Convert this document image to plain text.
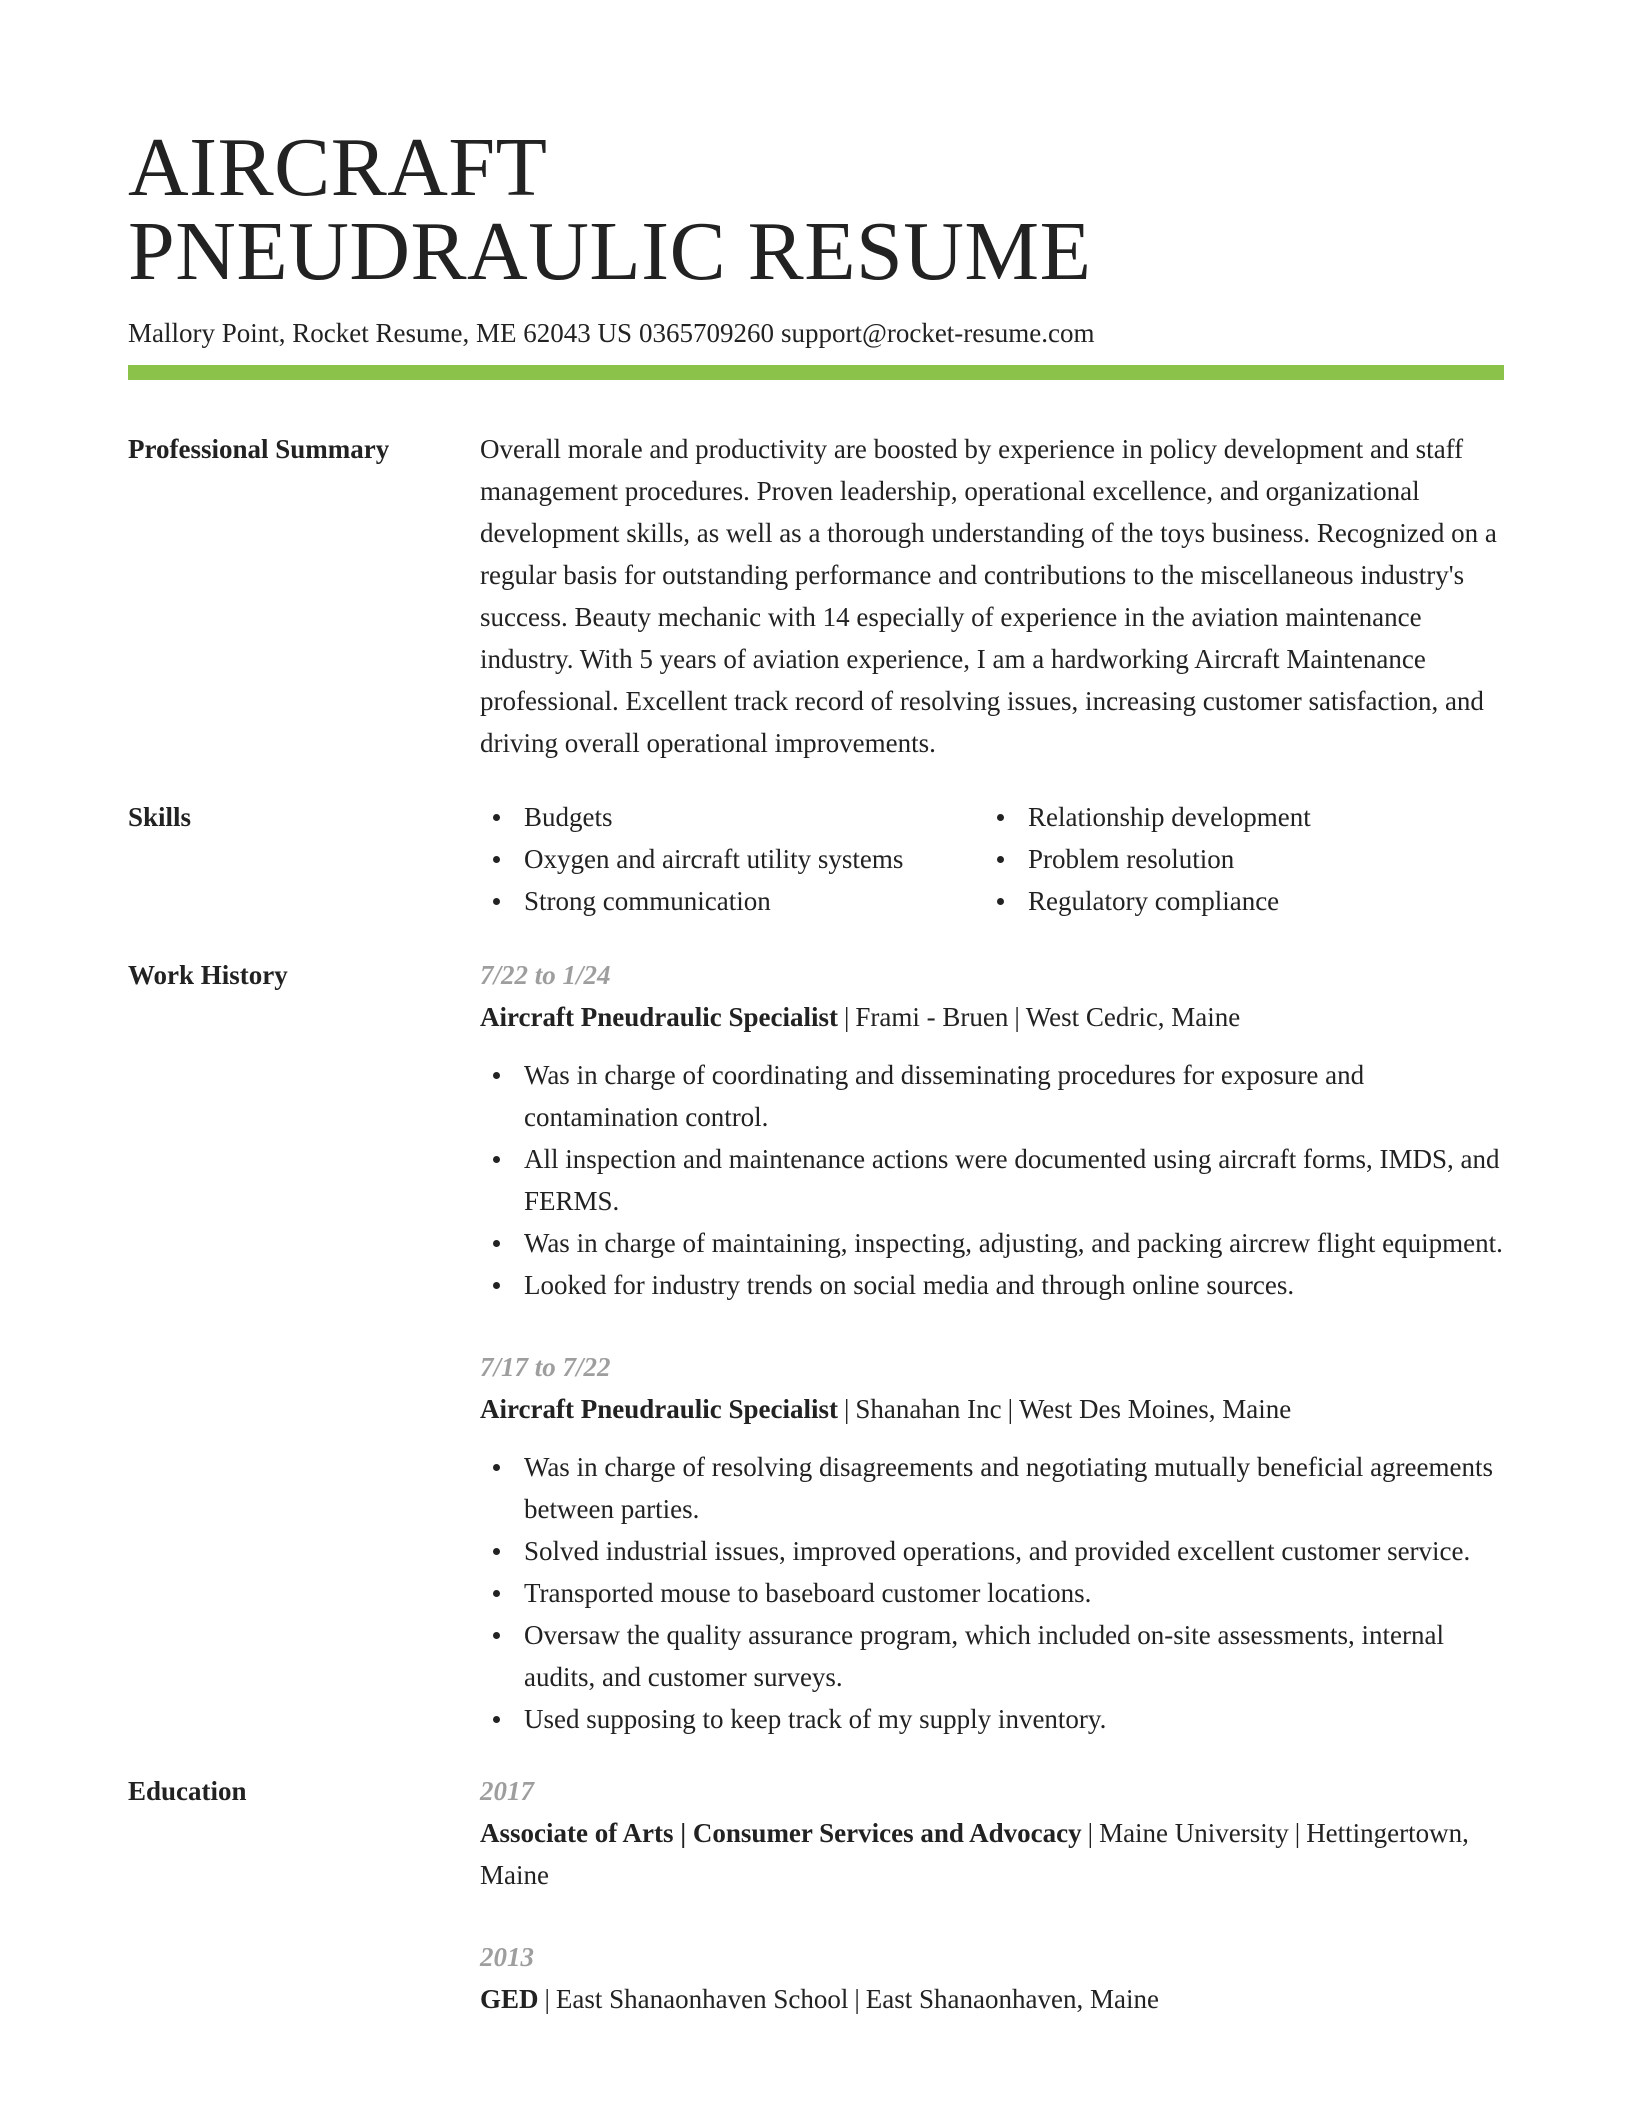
AIRCRAFT
PNEUDRAULIC RESUME
Mallory Point, Rocket Resume, ME 62043 US 0365709260 support@rocket-resume.com
Professional Summary	Overall morale and productivity are boosted by experience in policy development and staff management procedures. Proven leadership, operational excellence, and organizational development skills, as well as a thorough understanding of the toys business. Recognized on a regular basis for outstanding performance and contributions to the miscellaneous industry's success. Beauty mechanic with 14 especially of experience in the aviation maintenance industry. With 5 years of aviation experience, I am a hardworking Aircraft Maintenance professional. Excellent track record of resolving issues, increasing customer satisfaction, and driving overall operational improvements.

Skills	Budgets	Relationship development
Oxygen and aircraft utility systems	Problem resolution
Strong communication	Regulatory compliance
Work History	7/22 to 1/24
Aircraft Pneudraulic Specialist | Frami - Bruen | West Cedric, Maine
Was in charge of coordinating and disseminating procedures for exposure and contamination control.
All inspection and maintenance actions were documented using aircraft forms, IMDS, and FERMS.
Was in charge of maintaining, inspecting, adjusting, and packing aircrew flight equipment.
Looked for industry trends on social media and through online sources.
7/17 to 7/22
Aircraft Pneudraulic Specialist | Shanahan Inc | West Des Moines, Maine
Was in charge of resolving disagreements and negotiating mutually beneficial agreements between parties.
Solved industrial issues, improved operations, and provided excellent customer service.
Transported mouse to baseboard customer locations.
Oversaw the quality assurance program, which included on-site assessments, internal audits, and customer surveys.
Used supposing to keep track of my supply inventory.
Education	2017
Associate of Arts | Consumer Services and Advocacy | Maine University | Hettingertown, Maine
2013
GED | East Shanaonhaven School | East Shanaonhaven, Maine
